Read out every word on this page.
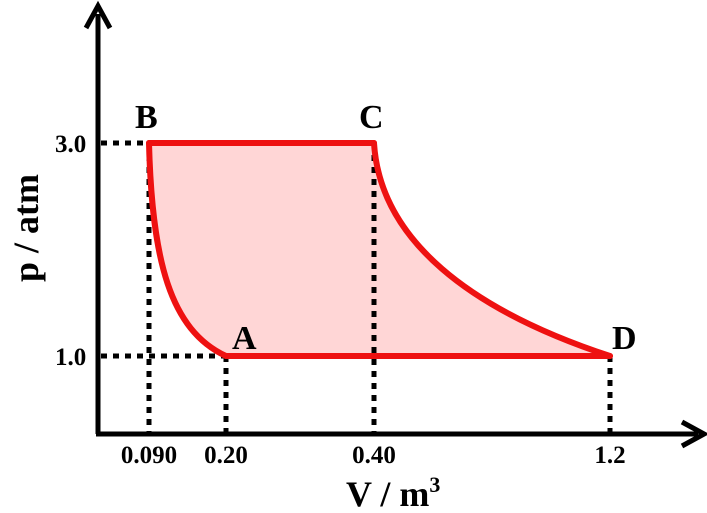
B	C
A	D
3.0
1.0
0.090 0.20	0.40	1.2
V / $m^3$
p / atm
